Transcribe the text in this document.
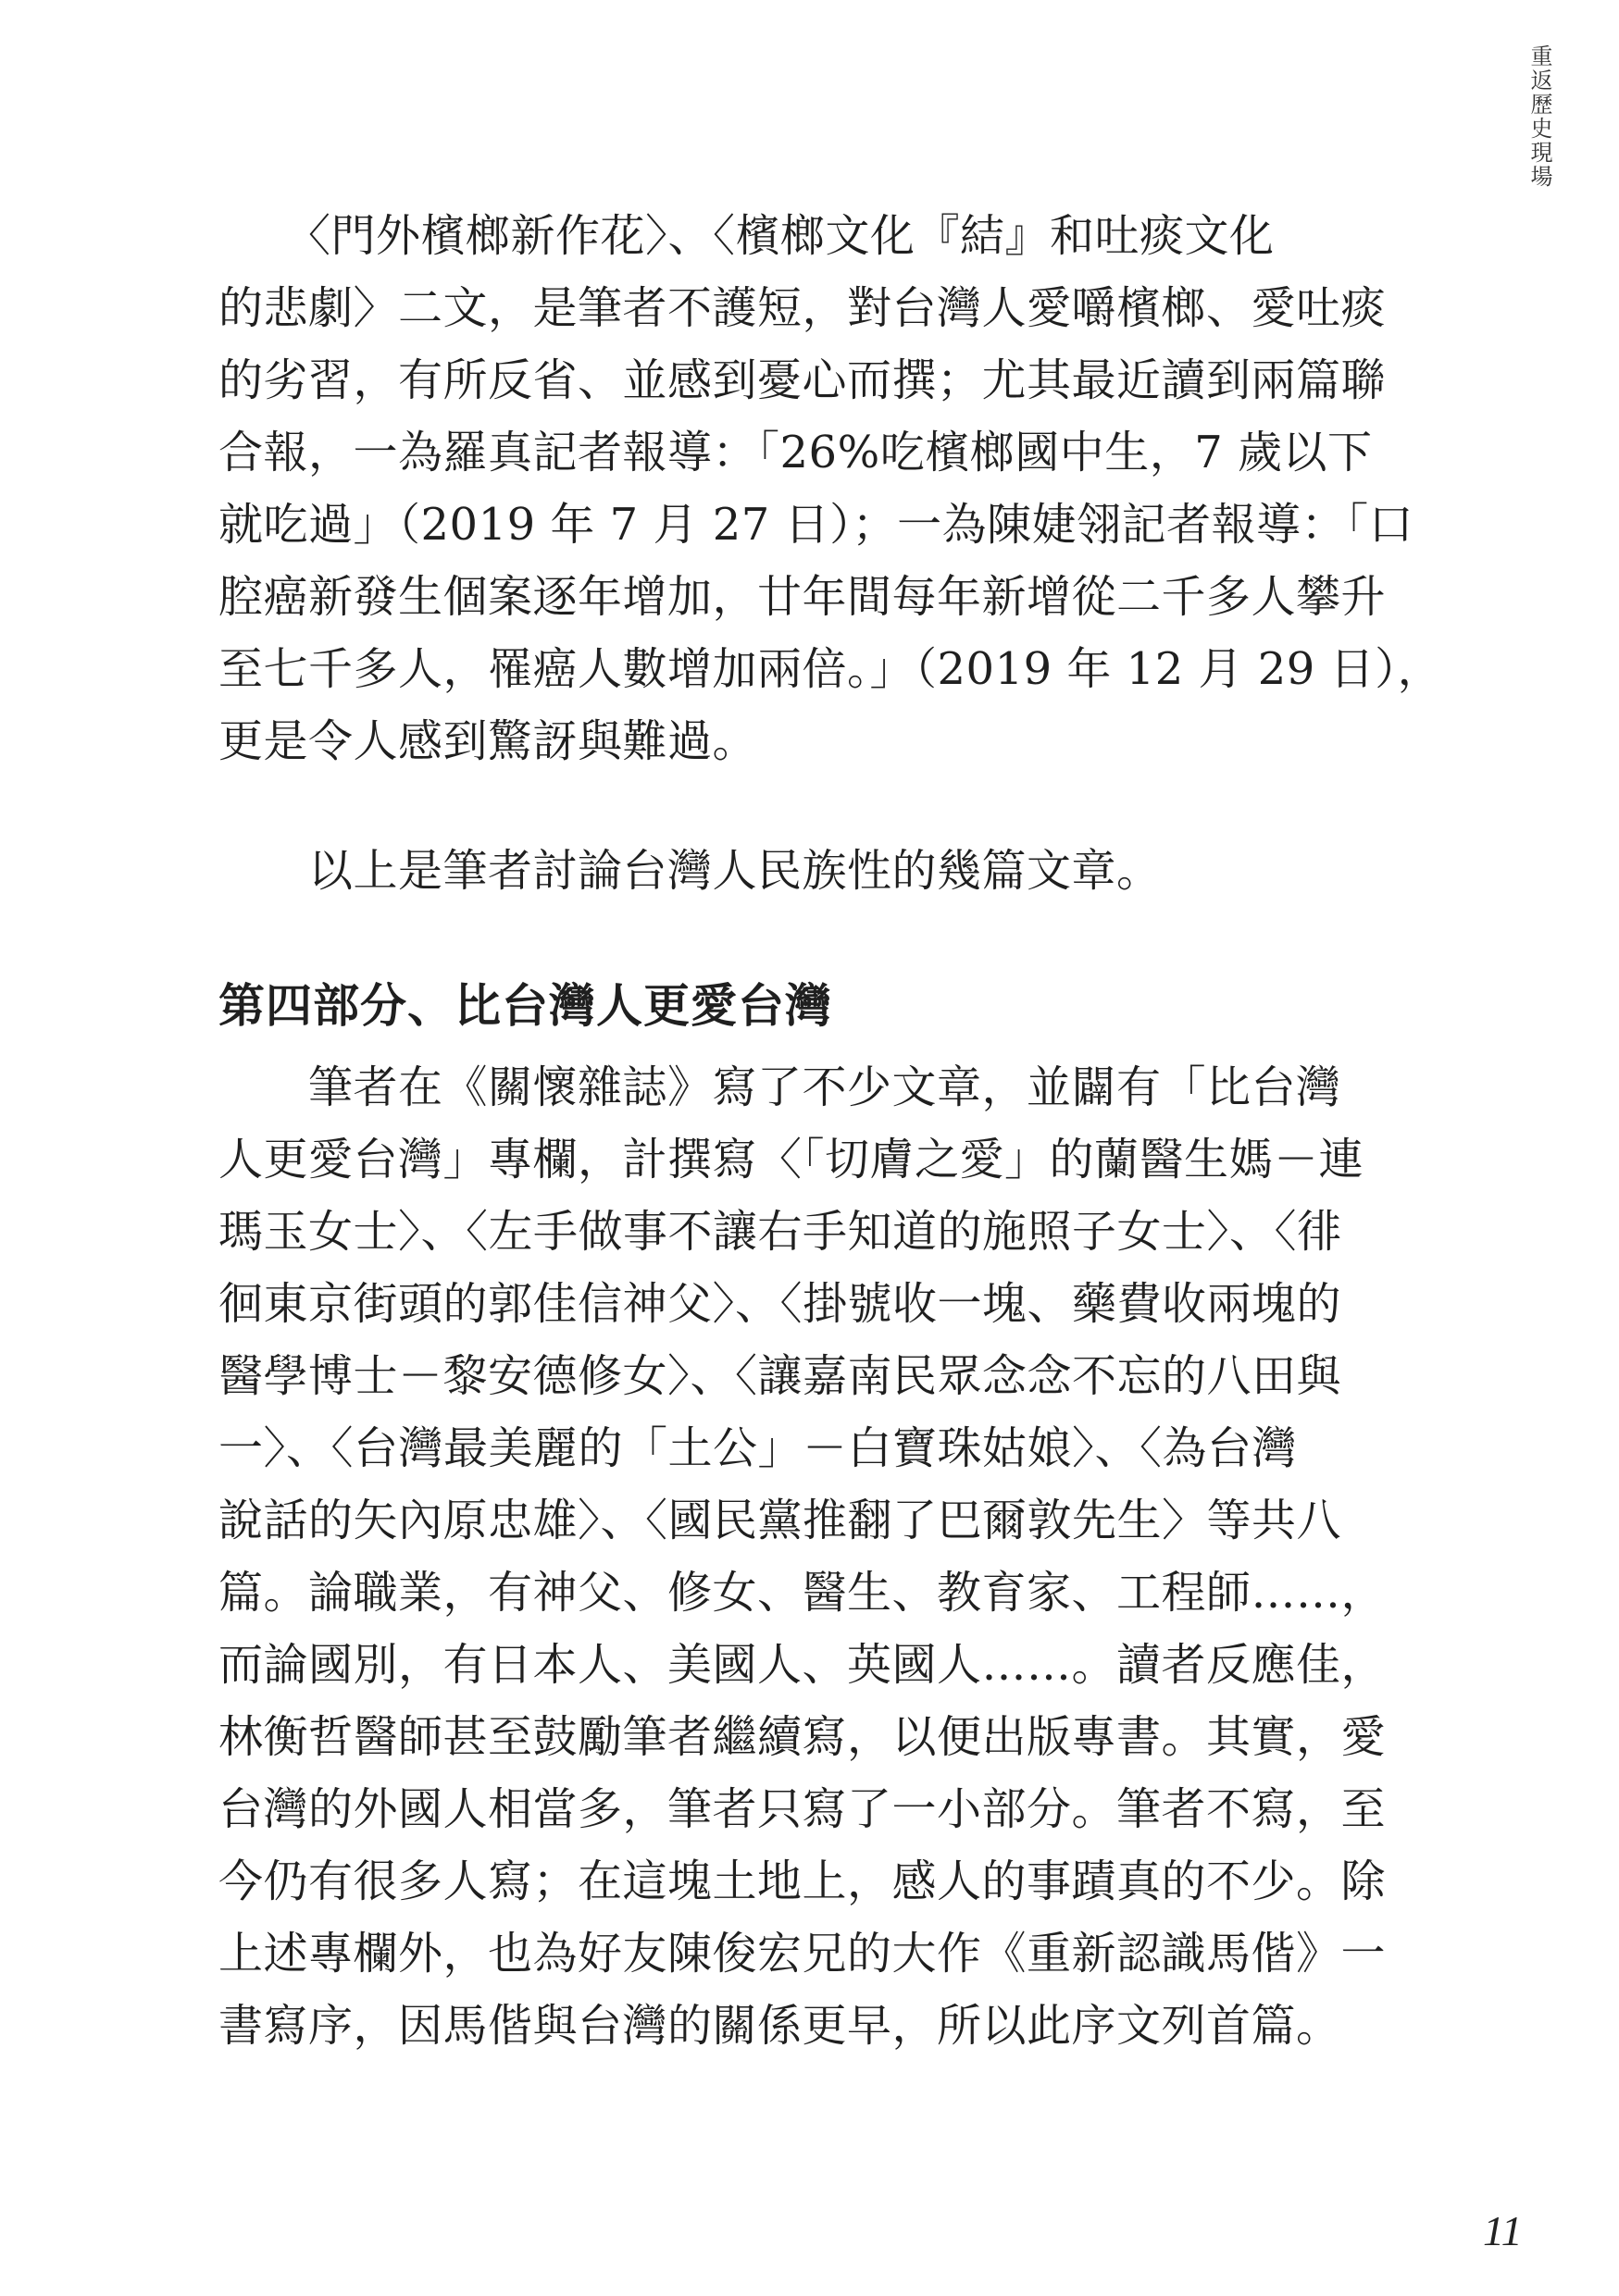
重返歷史現場
　　〈門外檳榔新作花〉、〈檳榔文化『結』和吐痰文化
的悲劇〉二文，是筆者不護短，對台灣人愛嚼檳榔、愛吐痰
的劣習，有所反省、並感到憂心而撰；尤其最近讀到兩篇聯
合報，一為羅真記者報導：「26%吃檳榔國中生，7 歲以下
就吃過」（2019 年 7 月 27 日）；一為陳婕翎記者報導：「口
腔癌新發生個案逐年增加，廿年間每年新增從二千多人攀升
至七千多人，罹癌人數增加兩倍。」（2019 年 12 月 29 日），
更是令人感到驚訝與難過。
　　以上是筆者討論台灣人民族性的幾篇文章。
第四部分、比台灣人更愛台灣
　　筆者在《關懷雜誌》寫了不少文章，並闢有「比台灣
人更愛台灣」專欄，計撰寫〈「切膚之愛」的蘭醫生媽－連
瑪玉女士〉、〈左手做事不讓右手知道的施照子女士〉、〈徘
徊東京街頭的郭佳信神父〉、〈掛號收一塊、藥費收兩塊的
醫學博士－黎安德修女〉、〈讓嘉南民眾念念不忘的八田與
一〉、〈台灣最美麗的「土公」－白寶珠姑娘〉、〈為台灣
說話的矢內原忠雄〉、〈國民黨推翻了巴爾敦先生〉等共八
篇。論職業，有神父、修女、醫生、教育家、工程師……，
而論國別，有日本人、美國人、英國人……。讀者反應佳，
林衡哲醫師甚至鼓勵筆者繼續寫，以便出版專書。其實，愛
台灣的外國人相當多，筆者只寫了一小部分。筆者不寫，至
今仍有很多人寫；在這塊土地上，感人的事蹟真的不少。除
上述專欄外，也為好友陳俊宏兄的大作《重新認識馬偕》一
書寫序，因馬偕與台灣的關係更早，所以此序文列首篇。
11
